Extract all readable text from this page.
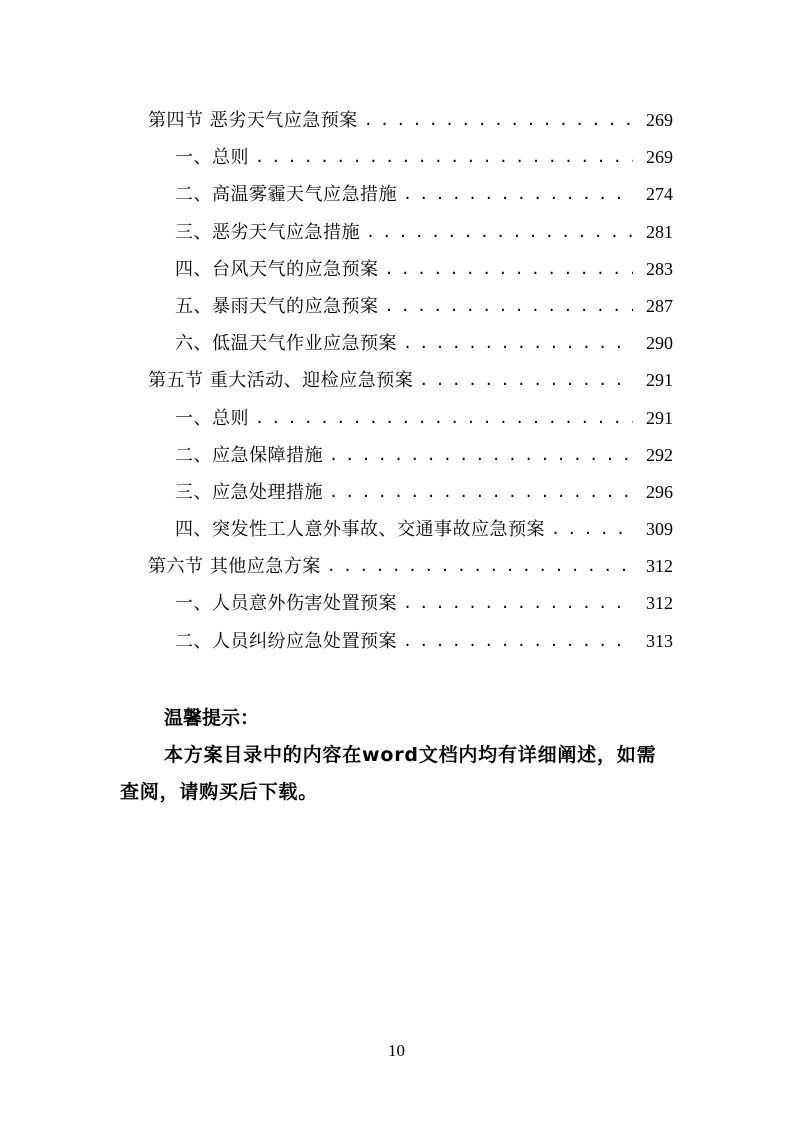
第四节 恶劣天气应急预案 . . .	269
一、总则 . . .	269
二、高温雾霾天气应急措施 . . .	274
三、恶劣天气应急措施 . . .	281
四、台风天气的应急预案 . . .	283
五、暴雨天气的应急预案 . . .	287
六、低温天气作业应急预案 . . .	290
第五节 重大活动、迎检应急预案 . . .	291
一、总则 . . .	291
二、应急保障措施 . . .	292
三、应急处理措施 . . .	296
四、突发性工人意外事故、交通事故应急预案 . . .	309
第六节 其他应急方案 . . .	312
一、人员意外伤害处置预案 . . .	312
二、人员纠纷应急处置预案 . . .	313
温馨提示：
本方案目录中的内容在word文档内均有详细阐述，如需查阅，请购买后下载。
10
